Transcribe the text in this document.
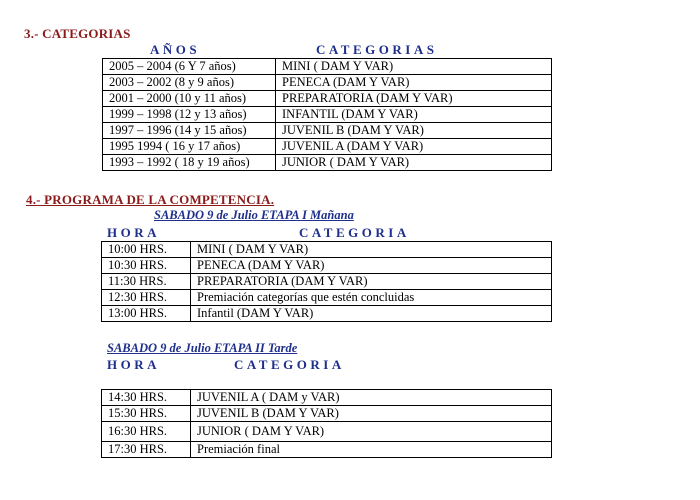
3.- CATEGORIAS
AÑOS	CATEGORIAS
2005 – 2004 (6 Y 7 años)	MINI ( DAM Y VAR)
2003 – 2002 (8 y 9 años)	PENECA (DAM Y VAR)
2001 – 2000 (10 y 11 años)	PREPARATORIA (DAM Y VAR)
1999 – 1998 (12 y 13 años)	INFANTIL (DAM Y VAR)
1997 – 1996 (14 y 15 años)	JUVENIL B (DAM Y VAR)
1995 1994 ( 16 y 17 años)	JUVENIL A (DAM Y VAR)
1993 – 1992 ( 18 y 19 años)	JUNIOR ( DAM Y VAR)
4.- PROGRAMA DE LA COMPETENCIA.
SABADO 9 de Julio ETAPA I Mañana
HORA	CATEGORIA
10:00 HRS.	MINI ( DAM Y VAR)
10:30 HRS.	PENECA (DAM Y VAR)
11:30 HRS.	PREPARATORIA (DAM Y VAR)
12:30 HRS.	Premiación categorías que estén concluidas
13:00 HRS.	Infantil (DAM Y VAR)
SABADO 9 de Julio ETAPA II Tarde
HORA	CATEGORIA
14:30 HRS.	JUVENIL A ( DAM y VAR)
15:30 HRS.	JUVENIL B (DAM Y VAR)
16:30 HRS.	JUNIOR ( DAM Y VAR)
17:30 HRS.	Premiación final
